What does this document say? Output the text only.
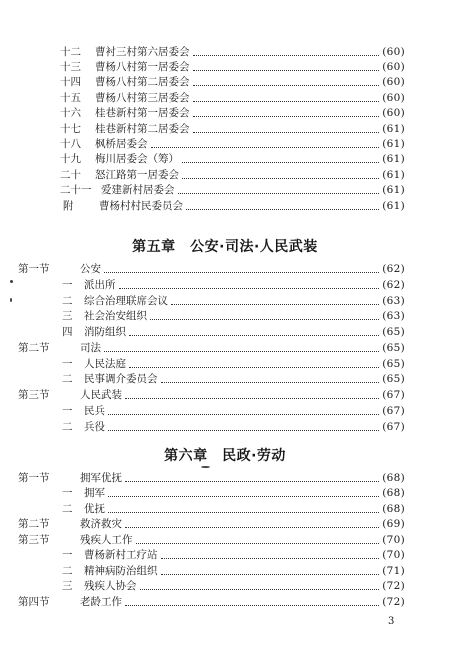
十二	曹衬三村第六居委会	(60)
十三	曹杨八村第一居委会	(60)
十四	曹杨八村第二居委会	(60)
十五	曹杨八村第三居委会	(60)
十六	桂巷新村第一居委会	(60)
十七	桂巷新村第二居委会	(61)
十八	枫桥居委会	(61)
十九	梅川居委会（筹）	(61)
二十	怒江路第一居委会	(61)
二十一 爱建新村居委会	(61)
附	曹杨村村民委员会	(61)
第一节	公安	(62)
一	派出所	(62)
二	综合治理联席会议	(63)
三	社会治安组织	(63)
四	消防组织	(65)
第二节	司法	(65)
一	人民法庭	(65)
二	民事调介委员会	(65)
第三节	人民武装	(67)
一	民兵	(67)
二	兵役	(67)
第一节	拥军优抚	(68)
一	拥军	(68)
二	优抚	(68)
第二节	救济救灾	(69)
第三节	残疾人工作	(70)
一	曹杨新村工疗站	(70)
二	精神病防治组织	(71)
三	残疾人协会	(72)
第四节	老龄工作	(72)
第五章　公安·司法·人民武装
第六章　民政·劳动
3
